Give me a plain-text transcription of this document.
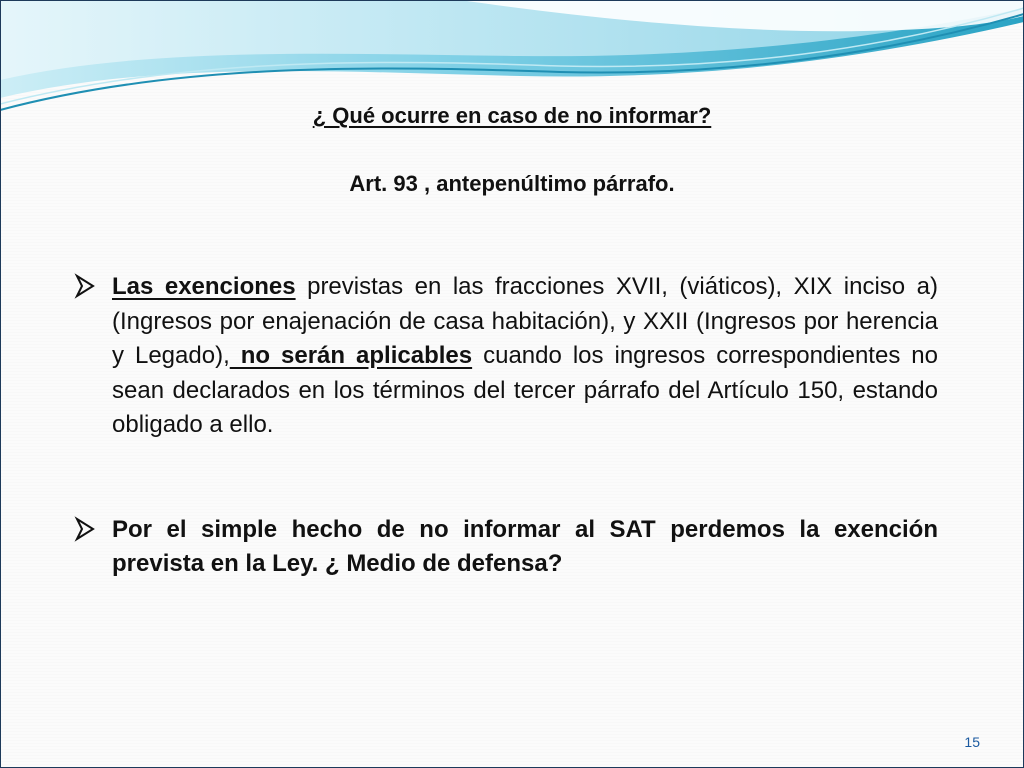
¿ Qué ocurre en caso de no informar?
Art. 93 , antepenúltimo párrafo.
Las exenciones previstas en las fracciones XVII, (viáticos), XIX inciso a) (Ingresos por enajenación de casa habitación), y XXII (Ingresos por herencia y Legado), no serán aplicables cuando los ingresos correspondientes no sean declarados en los términos del tercer párrafo del Artículo 150, estando obligado a ello.
Por el simple hecho de no informar al SAT perdemos la exención prevista en la Ley. ¿ Medio de defensa?
15
